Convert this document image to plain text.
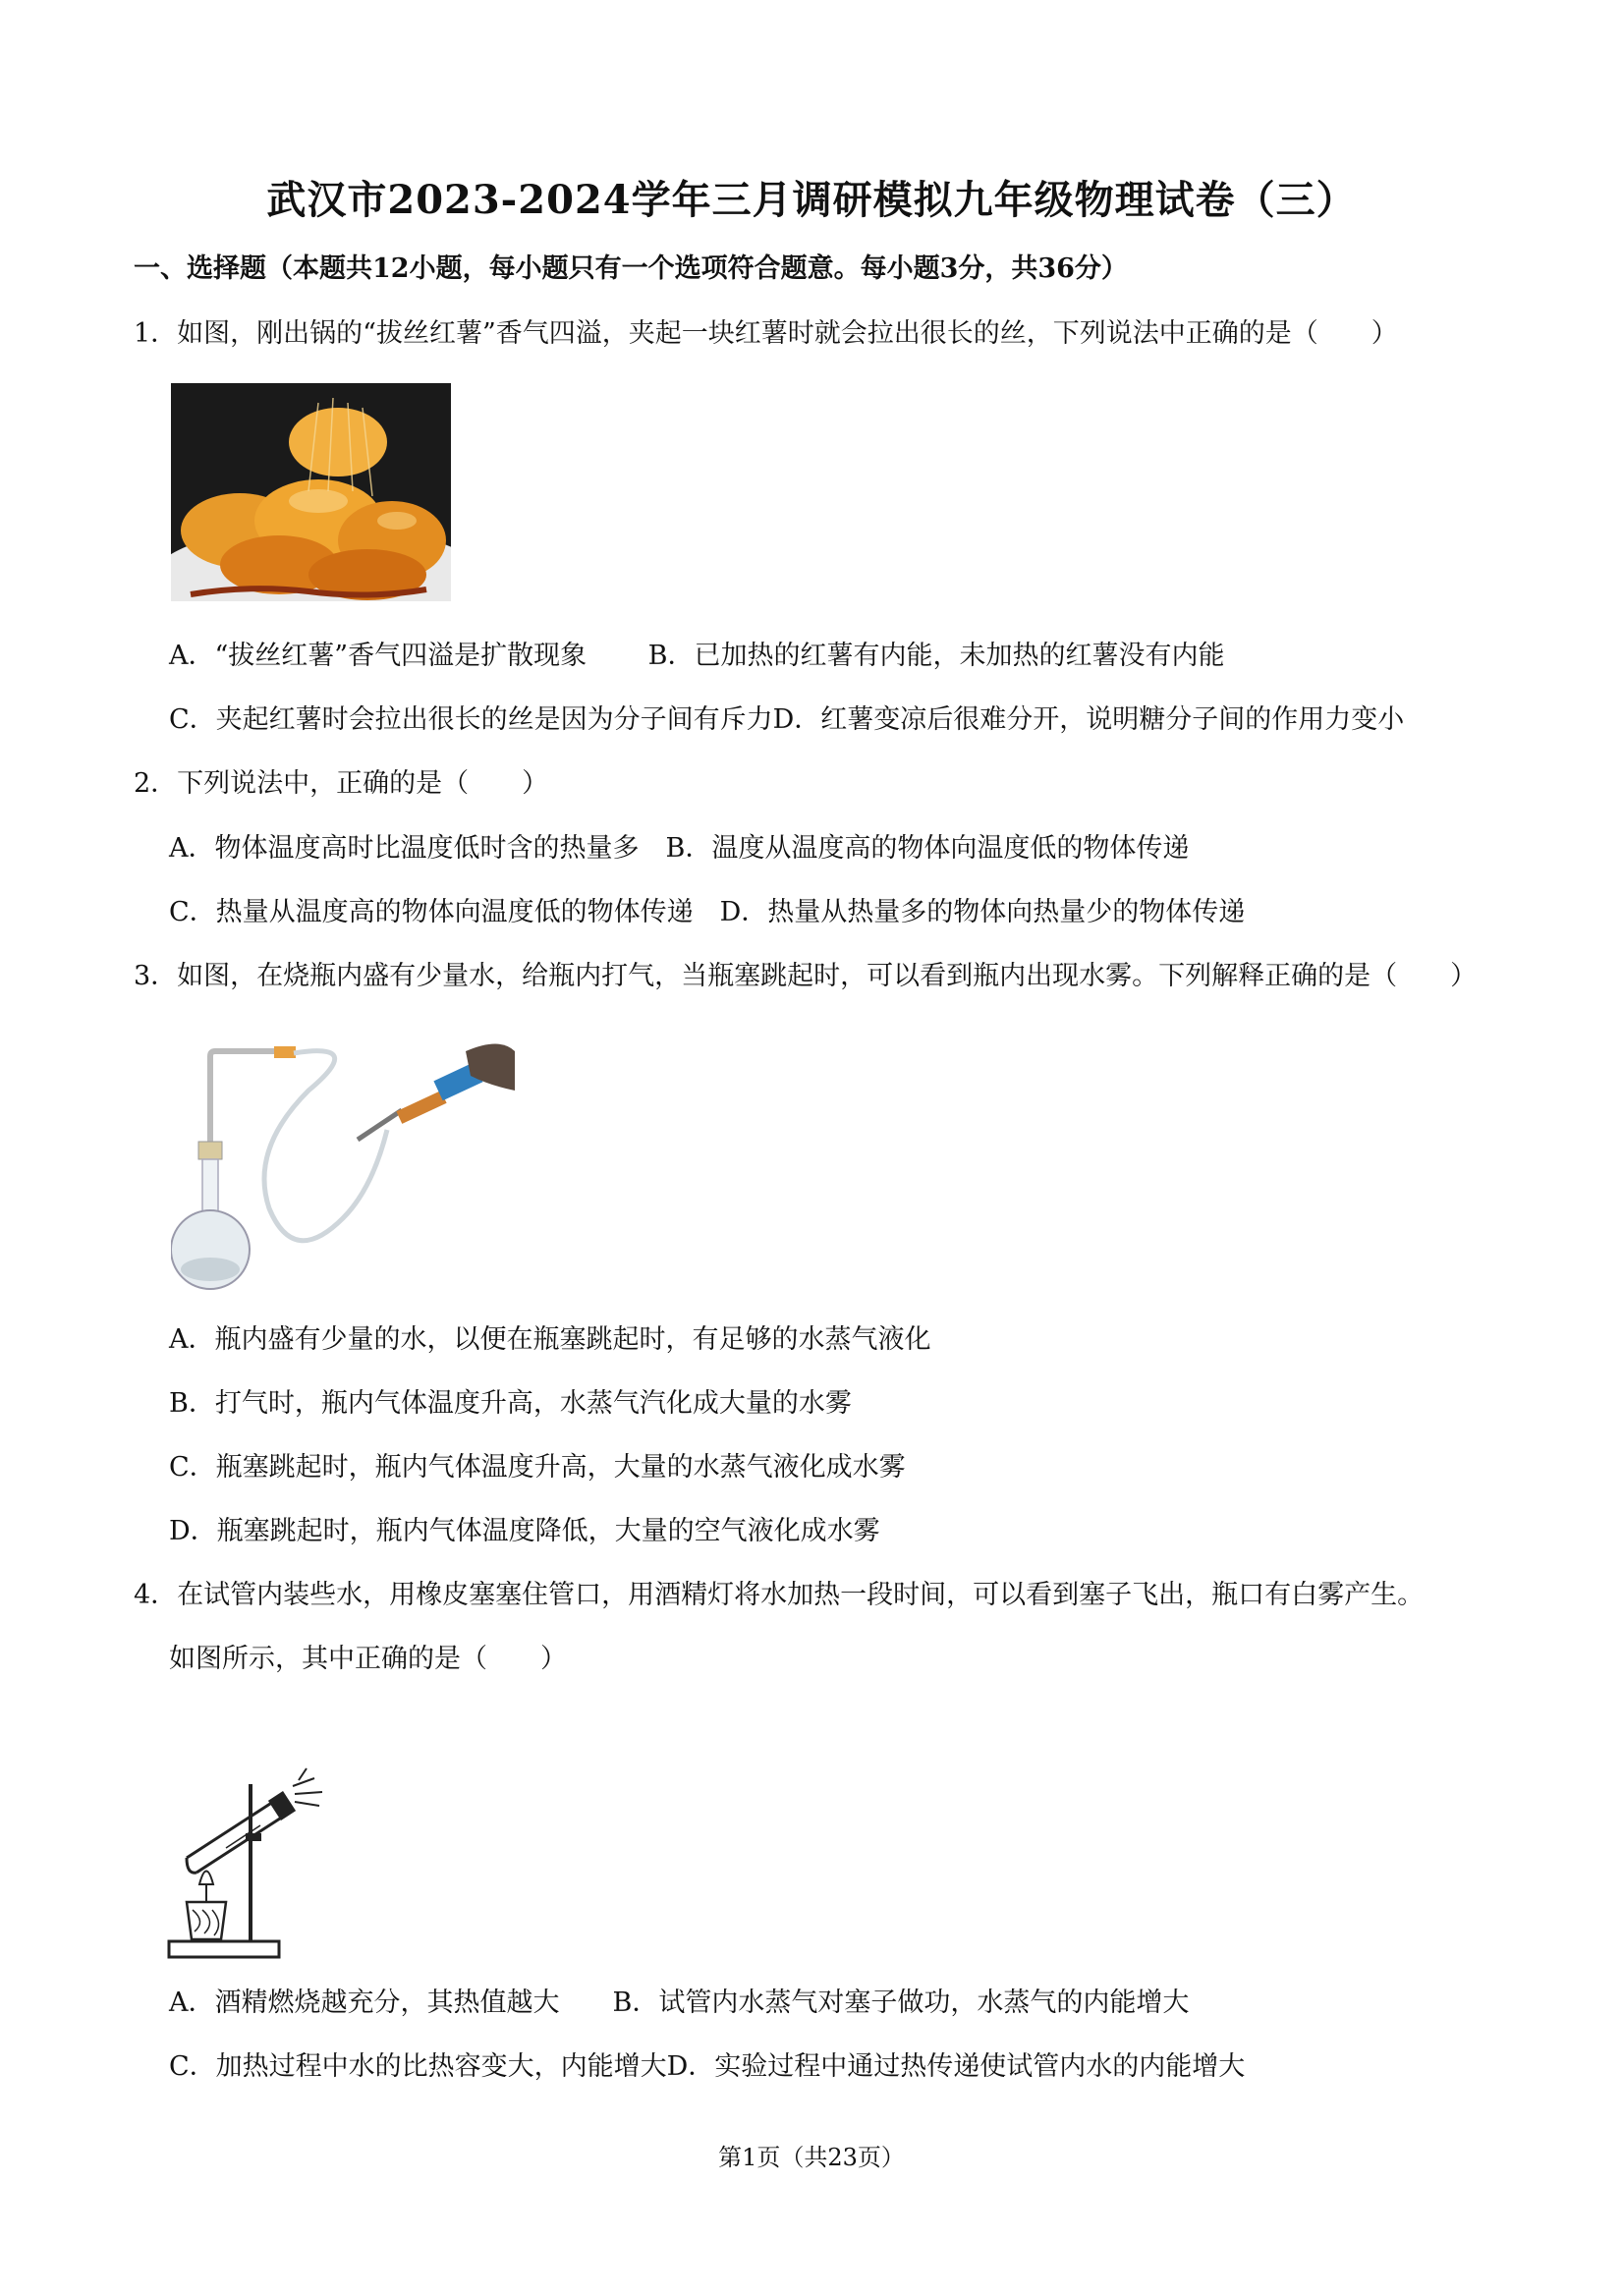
武汉市2023-2024学年三月调研模拟九年级物理试卷（三）
一、选择题（本题共12小题，每小题只有一个选项符合题意。每小题3分，共36分）
1．如图，刚出锅的“拔丝红薯”香气四溢，夹起一块红薯时就会拉出很长的丝，下列说法中正确的是（　　）
A．“拔丝红薯”香气四溢是扩散现象　　 B．已加热的红薯有内能，未加热的红薯没有内能
C．夹起红薯时会拉出很长的丝是因为分子间有斥力D．红薯变凉后很难分开，说明糖分子间的作用力变小
2．下列说法中，正确的是（　　）
A．物体温度高时比温度低时含的热量多　B．温度从温度高的物体向温度低的物体传递
C．热量从温度高的物体向温度低的物体传递　D．热量从热量多的物体向热量少的物体传递
3．如图，在烧瓶内盛有少量水，给瓶内打气，当瓶塞跳起时，可以看到瓶内出现水雾。下列解释正确的是（　　）
A．瓶内盛有少量的水，以便在瓶塞跳起时，有足够的水蒸气液化
B．打气时，瓶内气体温度升高，水蒸气汽化成大量的水雾
C．瓶塞跳起时，瓶内气体温度升高，大量的水蒸气液化成水雾
D．瓶塞跳起时，瓶内气体温度降低，大量的空气液化成水雾
4．在试管内装些水，用橡皮塞塞住管口，用酒精灯将水加热一段时间，可以看到塞子飞出，瓶口有白雾产生。
如图所示，其中正确的是（　　）
A．酒精燃烧越充分，其热值越大　　B．试管内水蒸气对塞子做功，水蒸气的内能增大
C．加热过程中水的比热容变大，内能增大D．实验过程中通过热传递使试管内水的内能增大
第1页（共23页）
